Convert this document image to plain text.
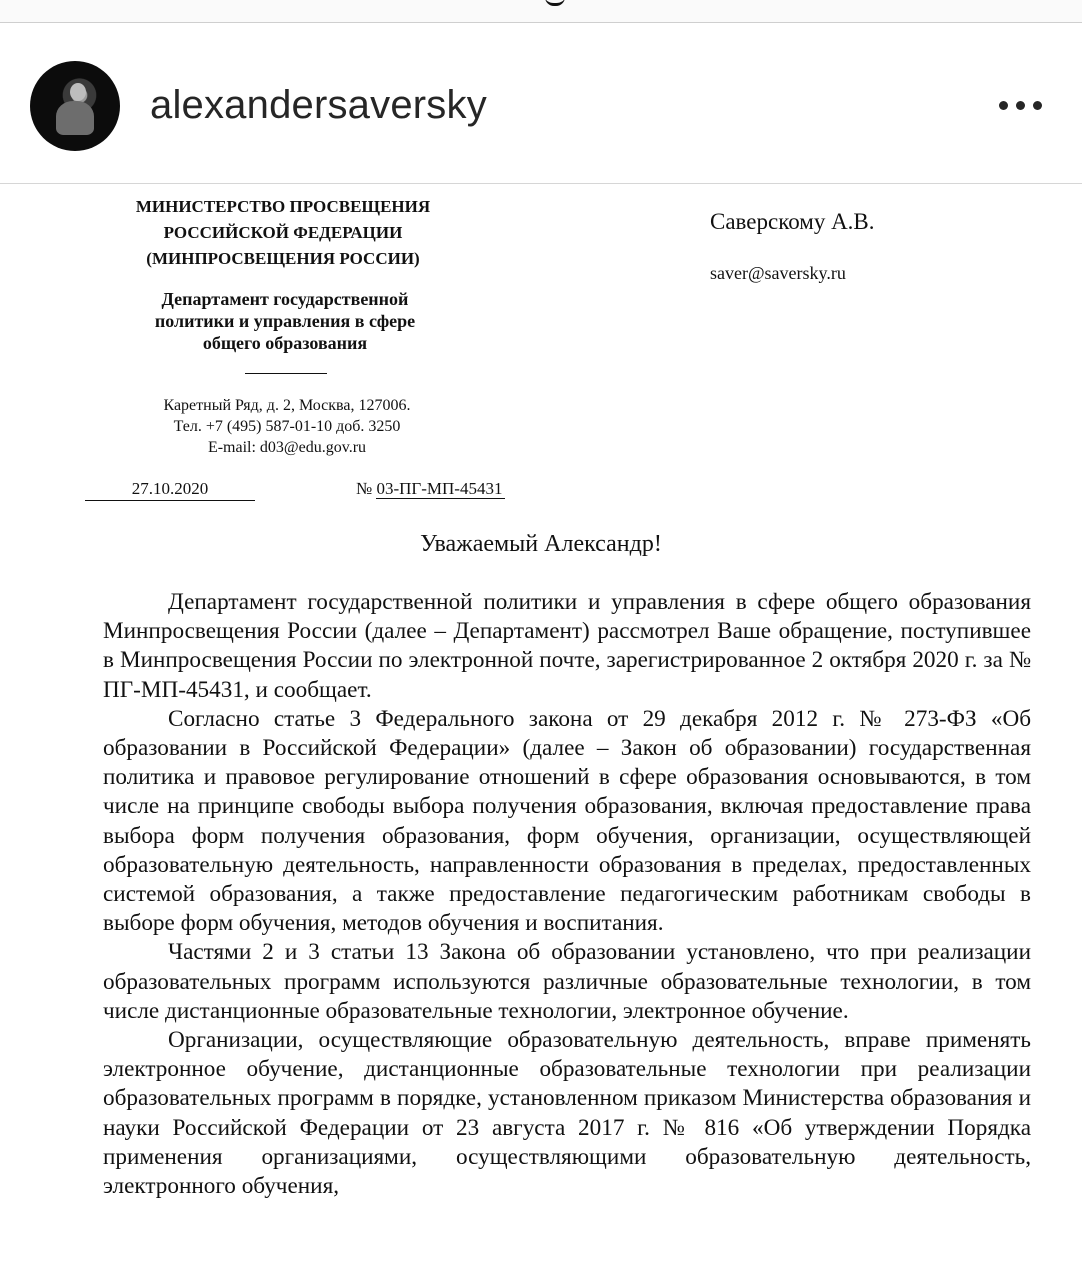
alexandersaversky
МИНИСТЕРСТВО ПРОСВЕЩЕНИЯ
РОССИЙСКОЙ ФЕДЕРАЦИИ
(МИНПРОСВЕЩЕНИЯ РОССИИ)
Департамент государственной
политики и управления в сфере
общего образования
Каретный Ряд, д. 2, Москва, 127006.
Тел. +7 (495) 587-01-10 доб. 3250
E-mail: d03@edu.gov.ru
27.10.2020	№ 03-ПГ-МП-45431
Саверскому А.В.
saver@saversky.ru
Уважаемый Александр!

Департамент государственной политики и управления в сфере общего образования Минпросвещения России (далее – Департамент) рассмотрел Ваше обращение, поступившее в Минпросвещения России по электронной почте, зарегистрированное 2 октября 2020 г. за № ПГ-МП-45431, и сообщает.

Согласно статье 3 Федерального закона от 29 декабря 2012 г. № 273-ФЗ «Об образовании в Российской Федерации» (далее – Закон об образовании) государственная политика и правовое регулирование отношений в сфере образования основываются, в том числе на принципе свободы выбора получения образования, включая предоставление права выбора форм получения образования, форм обучения, организации, осуществляющей образовательную деятельность, направленности образования в пределах, предоставленных системой образования, а также предоставление педагогическим работникам свободы в выборе форм обучения, методов обучения и воспитания.

Частями 2 и 3 статьи 13 Закона об образовании установлено, что при реализации образовательных программ используются различные образовательные технологии, в том числе дистанционные образовательные технологии, электронное обучение.

Организации, осуществляющие образовательную деятельность, вправе применять электронное обучение, дистанционные образовательные технологии при реализации образовательных программ в порядке, установленном приказом Министерства образования и науки Российской Федерации от 23 августа 2017 г. № 816 «Об утверждении Порядка применения организациями, осуществляющими образовательную деятельность, электронного обучения,
